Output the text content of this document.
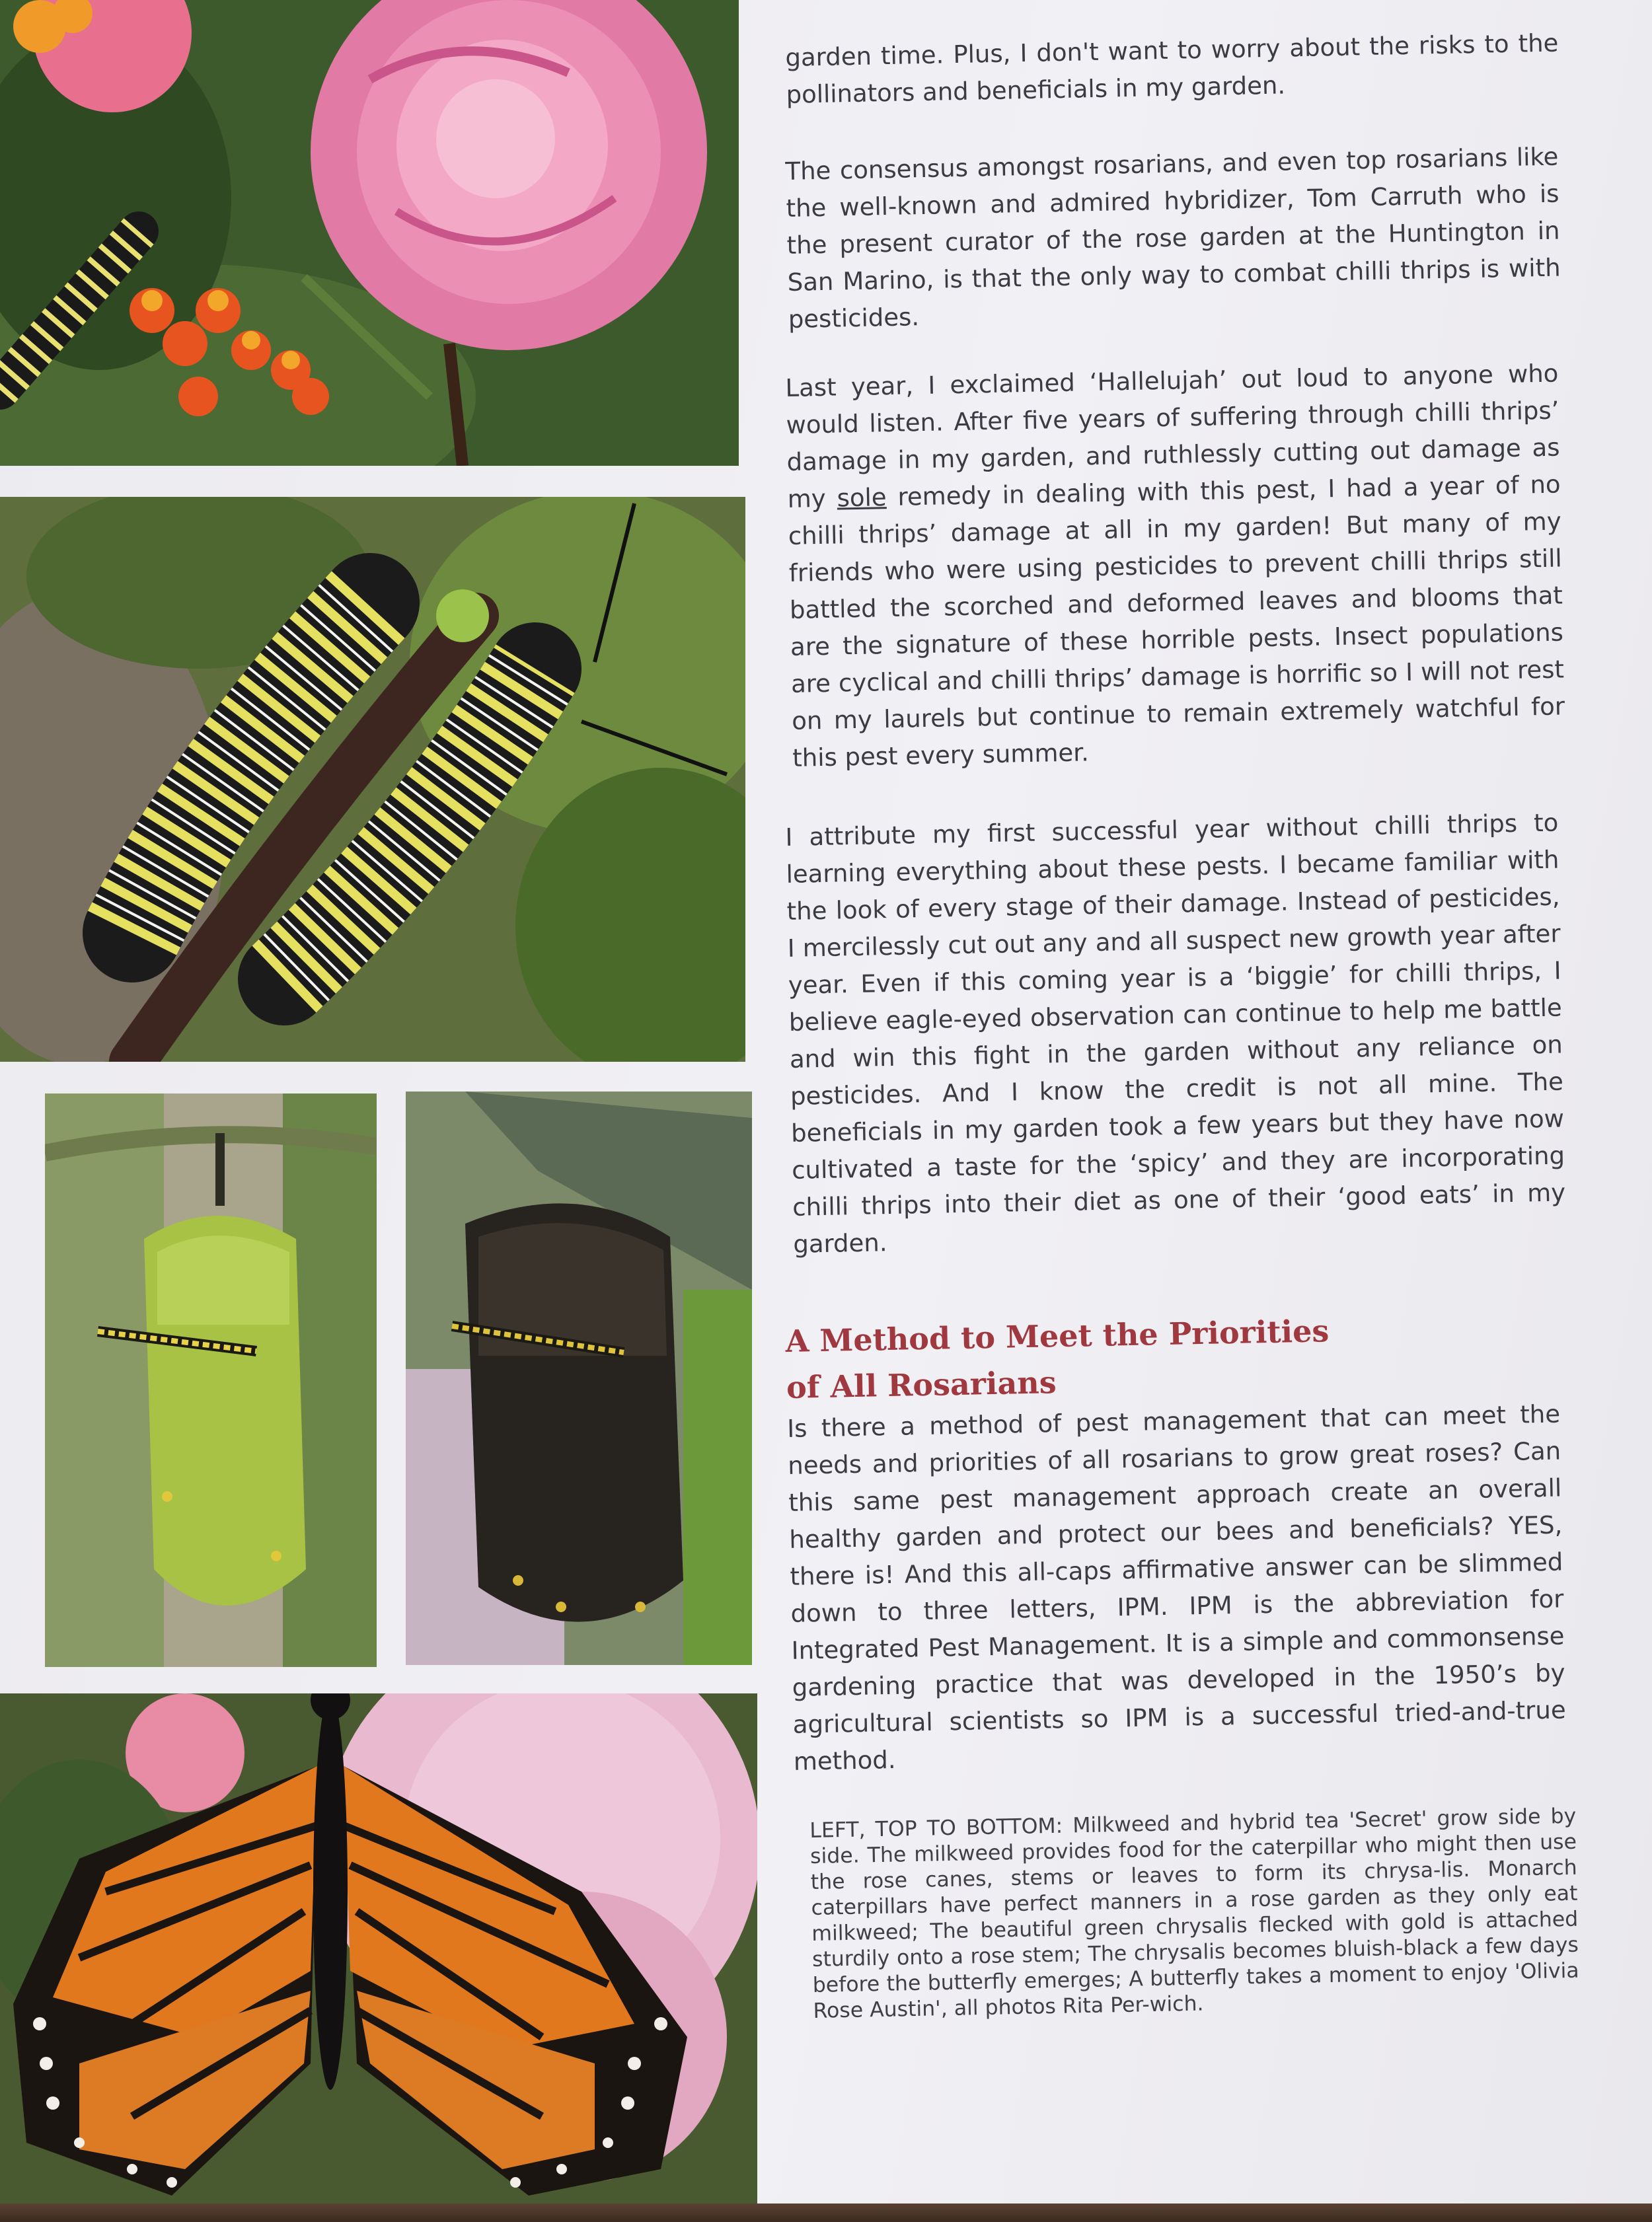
garden time. Plus, I don't want to worry about the risks to the pollinators and beneficials in my garden.

The consensus amongst rosarians, and even top rosarians like the well-known and admired hybridizer, Tom Carruth who is the present curator of the rose garden at the Huntington in San Marino, is that the only way to combat chilli thrips is with pesticides.

Last year, I exclaimed ‘Hallelujah’ out loud to anyone who would listen. After five years of suffering through chilli thrips’ damage in my garden, and ruthlessly cutting out damage as my sole remedy in dealing with this pest, I had a year of no chilli thrips’ damage at all in my garden! But many of my friends who were using pesticides to prevent chilli thrips still battled the scorched and deformed leaves and blooms that are the signature of these horrible pests. Insect populations are cyclical and chilli thrips’ damage is horrific so I will not rest on my laurels but continue to remain extremely watchful for this pest every summer.

I attribute my first successful year without chilli thrips to learning everything about these pests. I became familiar with the look of every stage of their damage. Instead of pesticides, I mercilessly cut out any and all suspect new growth year after year. Even if this coming year is a ‘biggie’ for chilli thrips, I believe eagle-eyed observation can continue to help me battle and win this fight in the garden without any reliance on pesticides. And I know the credit is not all mine. The beneficials in my garden took a few years but they have now cultivated a taste for the ‘spicy’ and they are incorporating chilli thrips into their diet as one of their ‘good eats’ in my garden.

A Method to Meet the Priorities
of All Rosarians

Is there a method of pest management that can meet the needs and priorities of all rosarians to grow great roses? Can this same pest management approach create an overall healthy garden and protect our bees and beneficials? YES, there is! And this all-caps affirmative answer can be slimmed down to three letters, IPM. IPM is the abbreviation for Integrated Pest Management. It is a simple and commonsense gardening practice that was developed in the 1950’s by agricultural scientists so IPM is a successful tried-and-true method.

LEFT, TOP TO BOTTOM: Milkweed and hybrid tea 'Secret' grow side by side. The milkweed provides food for the caterpillar who might then use the rose canes, stems or leaves to form its chrysa-lis. Monarch caterpillars have perfect manners in a rose garden as they only eat milkweed; The beautiful green chrysalis flecked with gold is attached sturdily onto a rose stem; The chrysalis becomes bluish-black a few days before the butterfly emerges; A butterfly takes a moment to enjoy 'Olivia Rose Austin', all photos Rita Per-wich.
